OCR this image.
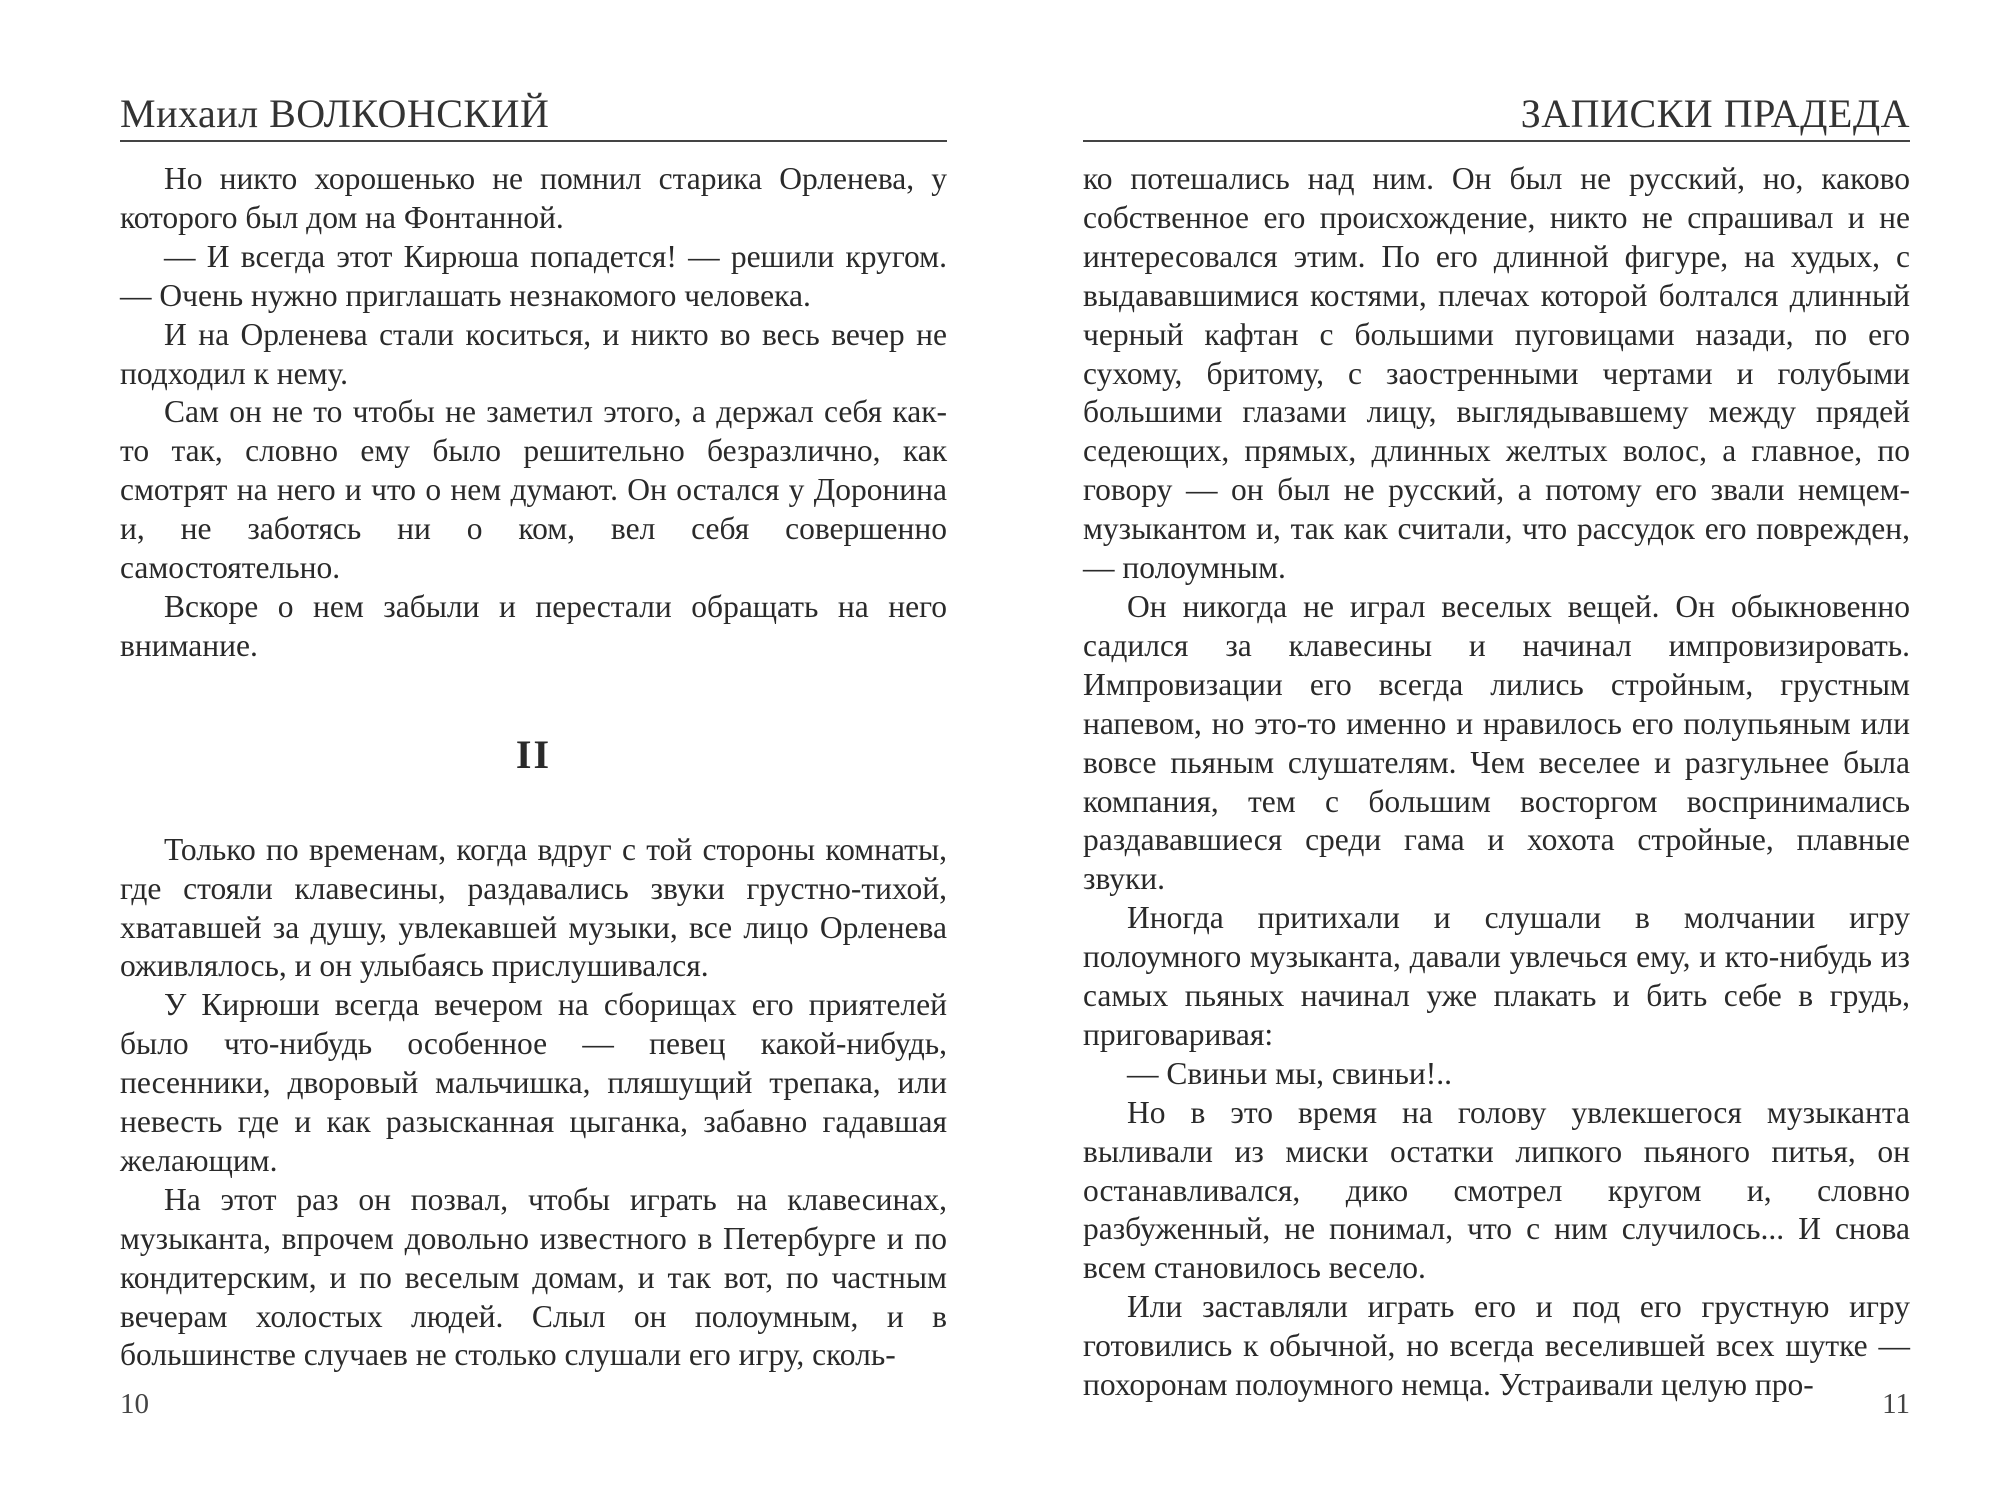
Михаил ВОЛКОНСКИЙ

Но никто хорошенько не помнил старика Орленева, у которого был дом на Фонтанной.

— И всегда этот Кирюша попадется! — решили кругом. — Очень нужно приглашать незнакомого человека.

И на Орленева стали коситься, и никто во весь вечер не подходил к нему.

Сам он не то чтобы не заметил этого, а держал себя как-то так, словно ему было решительно безразлично, как смотрят на него и что о нем думают. Он остался у Доронина и, не заботясь ни о ком, вел себя совершенно самостоятельно.

Вскоре о нем забыли и перестали обращать на него внимание.

II

Только по временам, когда вдруг с той стороны комнаты, где стояли клавесины, раздавались звуки грустно-тихой, хватавшей за душу, увлекавшей музыки, все лицо Орленева оживлялось, и он улыбаясь прислушивался.

У Кирюши всегда вечером на сборищах его приятелей было что-нибудь особенное — певец какой-нибудь, песенники, дворовый мальчишка, пляшущий трепака, или невесть где и как разысканная цыганка, забавно гадавшая желающим.

На этот раз он позвал, чтобы играть на клавесинах, музыканта, впрочем довольно известного в Петербурге и по кондитерским, и по веселым домам, и так вот, по частным вечерам холостых людей. Слыл он полоумным, и в большинстве случаев не столько слушали его игру, сколь-

10
ЗАПИСКИ ПРАДЕДА

ко потешались над ним. Он был не русский, но, каково собственное его происхождение, никто не спрашивал и не интересовался этим. По его длинной фигуре, на худых, с выдававшимися костями, плечах которой болтался длинный черный кафтан с большими пуговицами назади, по его сухому, бритому, с заостренными чертами и голубыми большими глазами лицу, выглядывавшему между прядей седеющих, прямых, длинных желтых волос, а главное, по говору — он был не русский, а потому его звали немцем-музыкантом и, так как считали, что рассудок его поврежден, — полоумным.

Он никогда не играл веселых вещей. Он обыкновенно садился за клавесины и начинал импровизировать. Импровизации его всегда лились стройным, грустным напевом, но это-то именно и нравилось его полупьяным или вовсе пьяным слушателям. Чем веселее и разгульнее была компания, тем с большим восторгом воспринимались раздававшиеся среди гама и хохота стройные, плавные звуки.

Иногда притихали и слушали в молчании игру полоумного музыканта, давали увлечься ему, и кто-нибудь из самых пьяных начинал уже плакать и бить себе в грудь, приговаривая:

— Свиньи мы, свиньи!..

Но в это время на голову увлекшегося музыканта выливали из миски остатки липкого пьяного питья, он останавливался, дико смотрел кругом и, словно разбуженный, не понимал, что с ним случилось... И снова всем становилось весело.

Или заставляли играть его и под его грустную игру готовились к обычной, но всегда веселившей всех шутке — похоронам полоумного немца. Устраивали целую про-

11
